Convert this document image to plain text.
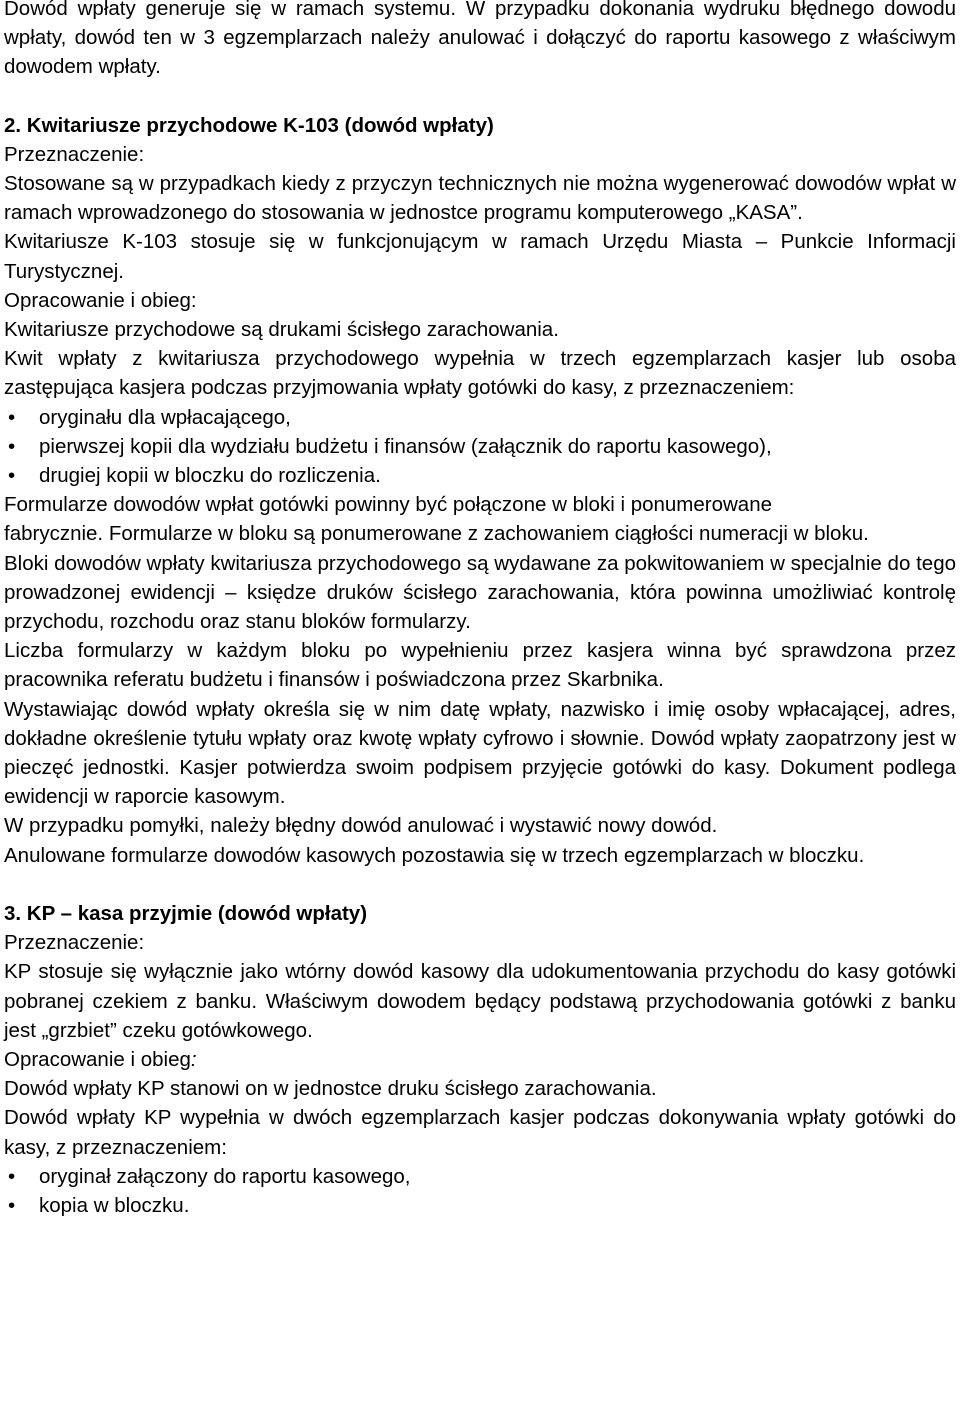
Dowód wpłaty generuje się w ramach systemu. W przypadku dokonania wydruku błędnego dowodu wpłaty, dowód ten w 3 egzemplarzach należy anulować i dołączyć do raportu kasowego z właściwym dowodem wpłaty.

2. Kwitariusze przychodowe K-103 (dowód wpłaty)

Przeznaczenie:

Stosowane są w przypadkach kiedy z przyczyn technicznych nie można wygenerować dowodów wpłat w ramach wprowadzonego do stosowania w jednostce programu komputerowego „KASA”.

Kwitariusze K-103 stosuje się w funkcjonującym w ramach Urzędu Miasta – Punkcie Informacji Turystycznej.

Opracowanie i obieg:

Kwitariusze przychodowe są drukami ścisłego zarachowania.

Kwit wpłaty z kwitariusza przychodowego wypełnia w trzech egzemplarzach kasjer lub osoba zastępująca kasjera podczas przyjmowania wpłaty gotówki do kasy, z przeznaczeniem:

• oryginału dla wpłacającego,
• pierwszej kopii dla wydziału budżetu i finansów (załącznik do raportu kasowego),
• drugiej kopii w bloczku do rozliczenia.

Formularze dowodów wpłat gotówki powinny być połączone w bloki i ponumerowane

fabrycznie. Formularze w bloku są ponumerowane z zachowaniem ciągłości numeracji w bloku.

Bloki dowodów wpłaty kwitariusza przychodowego są wydawane za pokwitowaniem w specjalnie do tego prowadzonej ewidencji – księdze druków ścisłego zarachowania, która powinna umożliwiać kontrolę przychodu, rozchodu oraz stanu bloków formularzy.

Liczba formularzy w każdym bloku po wypełnieniu przez kasjera winna być sprawdzona przez pracownika referatu budżetu i finansów i poświadczona przez Skarbnika.

Wystawiając dowód wpłaty określa się w nim datę wpłaty, nazwisko i imię osoby wpłacającej, adres, dokładne określenie tytułu wpłaty oraz kwotę wpłaty cyfrowo i słownie. Dowód wpłaty zaopatrzony jest w pieczęć jednostki. Kasjer potwierdza swoim podpisem przyjęcie gotówki do kasy. Dokument podlega ewidencji w raporcie kasowym.

W przypadku pomyłki, należy błędny dowód anulować i wystawić nowy dowód.

Anulowane formularze dowodów kasowych pozostawia się w trzech egzemplarzach w bloczku.

3. KP – kasa przyjmie (dowód wpłaty)

Przeznaczenie:

KP stosuje się wyłącznie jako wtórny dowód kasowy dla udokumentowania przychodu do kasy gotówki pobranej czekiem z banku. Właściwym dowodem będący podstawą przychodowania gotówki z banku jest „grzbiet” czeku gotówkowego.

Opracowanie i obieg:

Dowód wpłaty KP stanowi on w jednostce druku ścisłego zarachowania.

Dowód wpłaty KP wypełnia w dwóch egzemplarzach kasjer podczas dokonywania wpłaty gotówki do kasy, z przeznaczeniem:

• oryginał załączony do raportu kasowego,
• kopia w bloczku.
